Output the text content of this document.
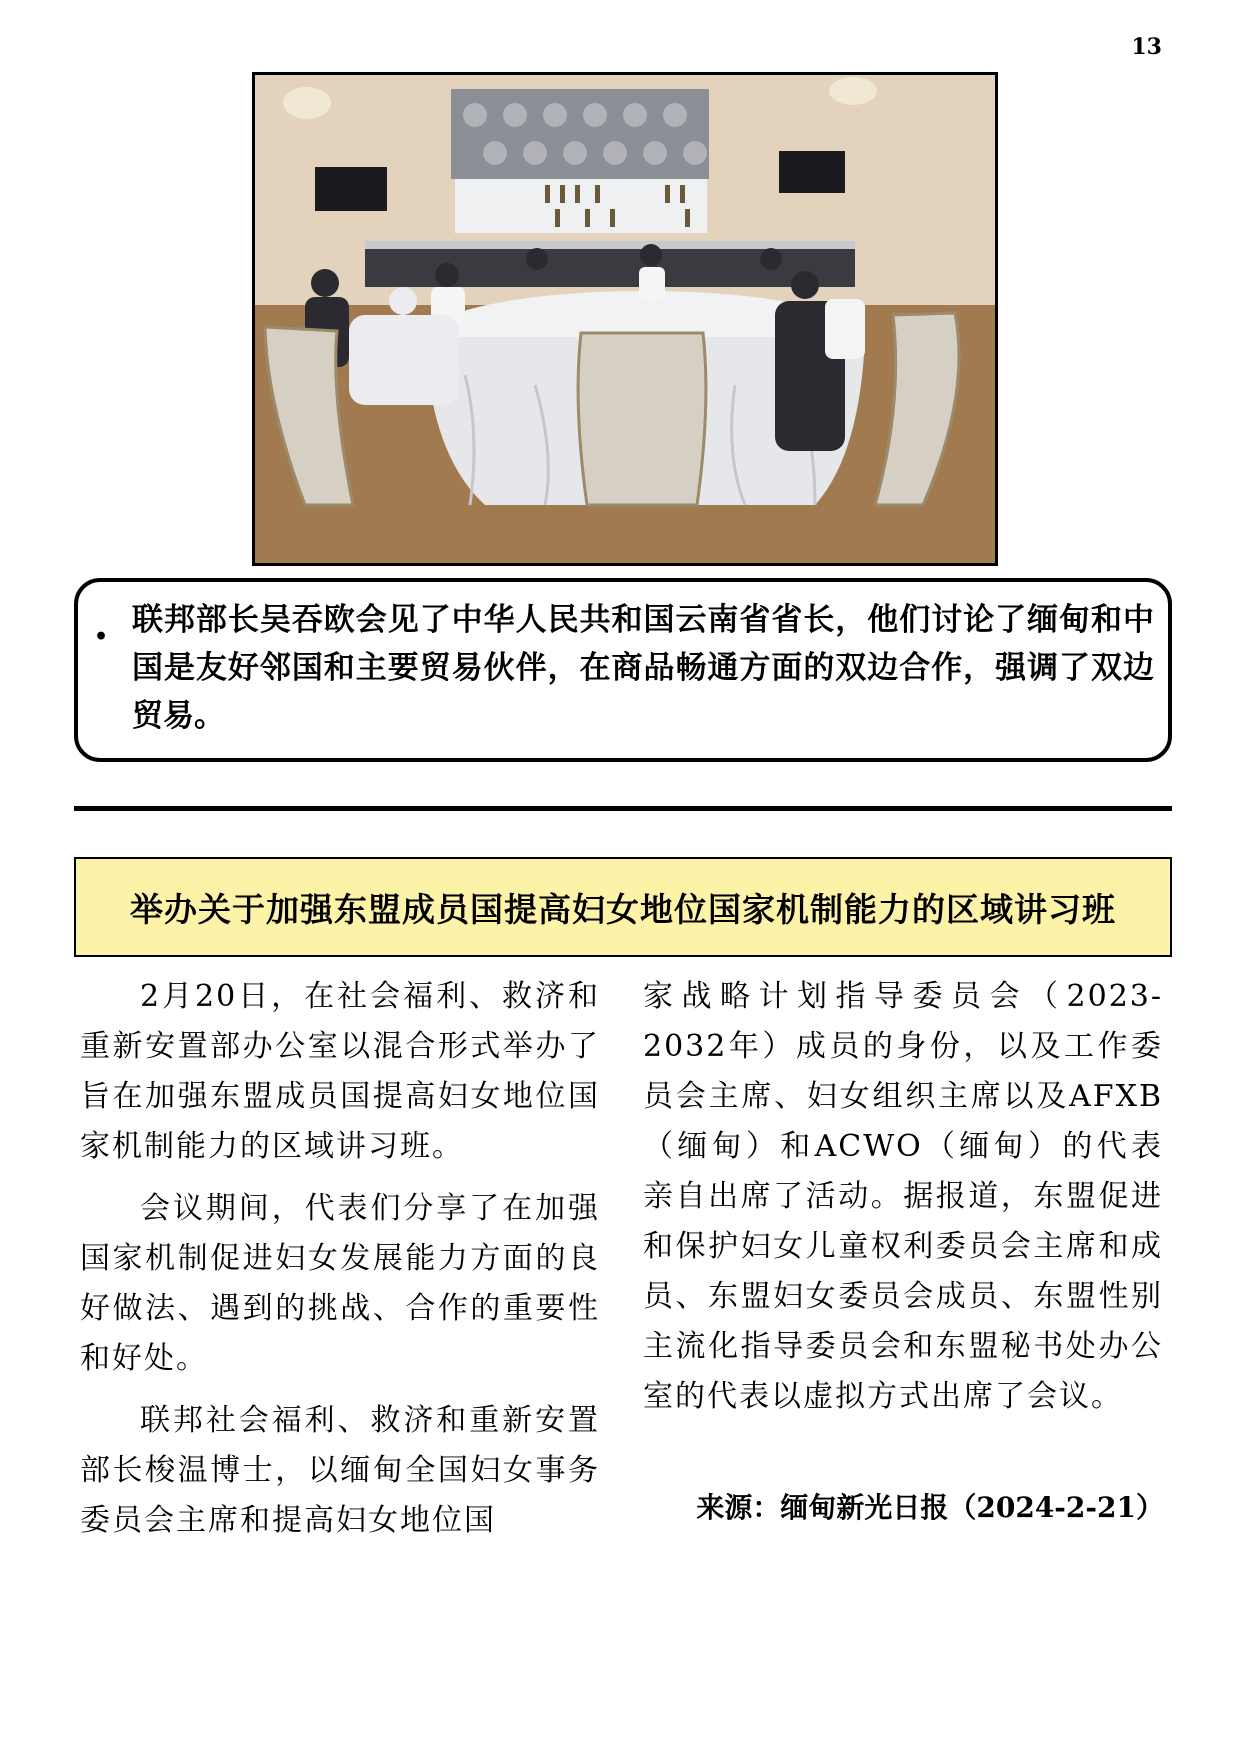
13
• 联邦部长吴吞欧会见了中华人民共和国云南省省长，他们讨论了缅甸和中国是友好邻国和主要贸易伙伴，在商品畅通方面的双边合作，强调了双边贸易。
举办关于加强东盟成员国提高妇女地位国家机制能力的区域讲习班

2月20日，在社会福利、救济和重新安置部办公室以混合形式举办了旨在加强东盟成员国提高妇女地位国家机制能力的区域讲习班。

会议期间，代表们分享了在加强国家机制促进妇女发展能力方面的良好做法、遇到的挑战、合作的重要性和好处。

联邦社会福利、救济和重新安置部长梭温博士，以缅甸全国妇女事务委员会主席和提高妇女地位国

家战略计划指导委员会（2023-2032年）成员的身份，以及工作委员会主席、妇女组织主席以及AFXB（缅甸）和ACWO（缅甸）的代表亲自出席了活动。据报道，东盟促进和保护妇女儿童权利委员会主席和成员、东盟妇女委员会成员、东盟性别主流化指导委员会和东盟秘书处办公室的代表以虚拟方式出席了会议。

来源：缅甸新光日报（2024-2-21）
